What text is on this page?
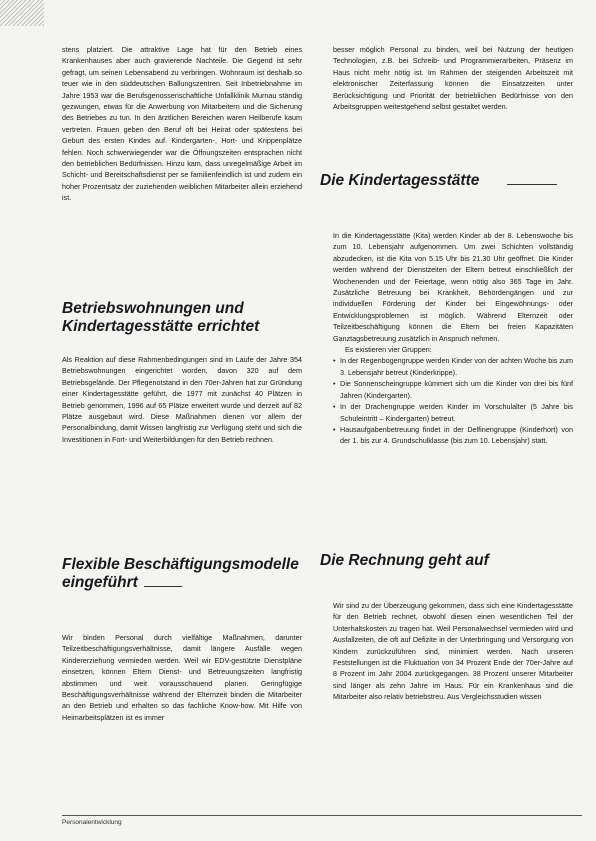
stens platziert. Die attraktive Lage hat für den Betrieb eines Krankenhauses aber auch gravierende Nachteile. Die Gegend ist sehr gefragt, um seinen Lebensabend zu verbringen. Wohnraum ist deshalb so teuer wie in den süddeutschen Ballungszentren. Seit Inbetriebnahme im Jahre 1953 war die Berufsgenossenschaftliche Unfallklinik Murnau ständig gezwungen, etwas für die Anwerbung von Mitarbeitern und die Sicherung des Betriebes zu tun. In den ärztlichen Bereichen waren Heilberufe kaum vertreten. Frauen geben den Beruf oft bei Heirat oder spätestens bei Geburt des ersten Kindes auf. Kindergarten-, Hort- und Krippenplätze fehlen. Noch schwerwiegender war die Öffnungszeiten entsprachen nicht den betrieblichen Bedürfnissen. Hinzu kam, dass unregelmäßige Arbeit im Schicht- und Bereitschaftsdienst per se familienfeindlich ist und zudem ein hoher Prozentsatz der zuziehenden weiblichen Mitarbeiter allein erziehend ist.

Betriebswohnungen und
Kindertagesstätte errichtet

Als Reaktion auf diese Rahmenbedingungen sind im Laufe der Jahre 354 Betriebswohnungen eingerichtet worden, davon 320 auf dem Betriebsgelände. Der Pflegenotstand in den 70er-Jahren hat zur Gründung einer Kindertagesstätte geführt, die 1977 mit zunächst 40 Plätzen in Betrieb genommen, 1996 auf 65 Plätze erweitert wurde und derzeit auf 82 Plätze ausgebaut wird. Diese Maßnahmen dienen vor allem der Personalbindung, damit Wissen langfristig zur Verfügung steht und sich die Investitionen in Fort- und Weiterbildungen für den Betrieb rechnen.

Flexible Beschäftigungsmodelle
eingeführt

Wir binden Personal durch vielfältige Maßnahmen, darunter Teilzeitbeschäftigungsverhältnisse, damit längere Ausfälle wegen Kindererziehung vermieden werden. Weil wir EDV-gestützte Dienstpläne einsetzen, können Eltern Dienst- und Betreuungszeiten langfristig abstimmen und weit vorausschauend planen. Geringfügige Beschäftigungsverhältnisse während der Elternzeit binden die Mitarbeiter an den Betrieb und erhalten so das fachliche Know-how. Mit Hilfe von Heimarbeitsplätzen ist es immer

besser möglich Personal zu binden, weil bei Nutzung der heutigen Technologien, z.B. bei Schreib- und Programmierarbeiten, Präsenz im Haus nicht mehr nötig ist. Im Rahmen der steigenden Arbeitszeit mit elektronischer Zeiterfassung können die Einsatzzeiten unter Berücksichtigung und Priorität der betrieblichen Bedürfnisse von den Arbeitsgruppen weitestgehend selbst gestaltet werden.

Die Kindertagesstätte

In die Kindertagesstätte (Kita) werden Kinder ab der 8. Lebenswoche bis zum 10. Lebensjahr aufgenommen. Um zwei Schichten vollständig abzudecken, ist die Kita von 5.15 Uhr bis 21.30 Uhr geöffnet. Die Kinder werden während der Dienstzeiten der Eltern betreut einschließlich der Wochenenden und der Feiertage, wenn nötig also 365 Tage im Jahr. Zusätzliche Betreuung bei Krankheit, Behördengängen und zur individuellen Förderung der Kinder bei Eingewöhnungs- oder Entwicklungsproblemen ist möglich. Während Elternzeit oder Teilzeitbeschäftigung können die Eltern bei freien Kapazitäten Ganztagsbetreuung zusätzlich in Anspruch nehmen.

Es existieren vier Gruppen:

• In der Regenbogengruppe werden Kinder von der achten Woche bis zum 3. Lebensjahr betreut (Kinderkrippe).
• Die Sonnenscheingruppe kümmert sich um die Kinder von drei bis fünf Jahren (Kindergarten).
• In der Drachengruppe werden Kinder im Vorschulalter (5 Jahre bis Schuleintritt – Kindergarten) betreut.
• Hausaufgabenbetreuung findet in der Delfinengruppe (Kinderhort) von der 1. bis zur 4. Grundschulklasse (bis zum 10. Lebensjahr) statt.
Die Rechnung geht auf

Wir sind zu der Überzeugung gekommen, dass sich eine Kindertagesstätte für den Betrieb rechnet, obwohl diesen einen wesentlichen Teil der Unterhaltskosten zu tragen hat. Weil Personalwechsel vermieden wird und Ausfallzeiten, die oft auf Defizite in der Unterbringung und Versorgung von Kindern zurückzuführen sind, minimiert werden. Nach unseren Feststellungen ist die Fluktuation von 34 Prozent Ende der 70er-Jahre auf 8 Prozent im Jahr 2004 zurückgegangen. 38 Prozent unserer Mitarbeiter sind länger als zehn Jahre im Haus. Für ein Krankenhaus sind die Mitarbeiter also relativ betriebstreu. Aus Vergleichsstudien wissen

Personalentwicklung
